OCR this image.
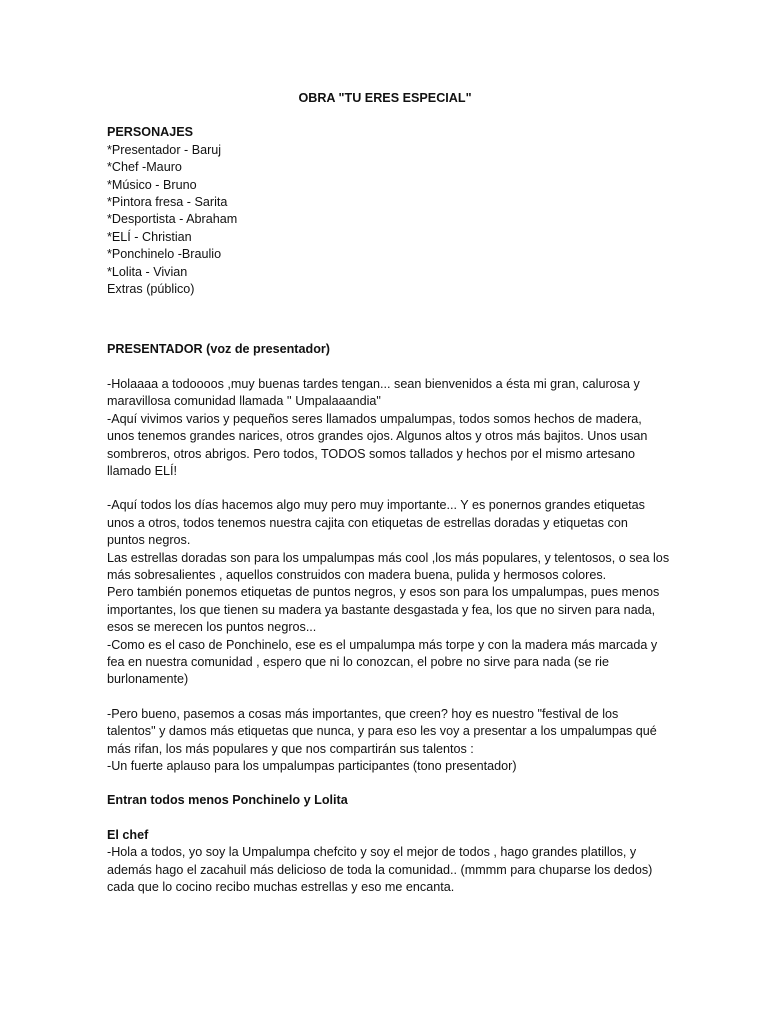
OBRA "TU ERES ESPECIAL"

PERSONAJES

*Presentador - Baruj

*Chef -Mauro

*Músico - Bruno

*Pintora fresa - Sarita

*Desportista - Abraham

*ELÍ - Christian

*Ponchinelo -Braulio

*Lolita - Vivian

Extras (público)

PRESENTADOR (voz de presentador)

-Holaaaa a todoooos ,muy buenas tardes tengan... sean bienvenidos a ésta mi gran, calurosa y

maravillosa comunidad llamada '' Umpalaaandia"

-Aquí vivimos varios y pequeños seres llamados umpalumpas, todos somos hechos de madera,

unos tenemos grandes narices, otros grandes ojos. Algunos altos y otros más bajitos. Unos usan

sombreros, otros abrigos. Pero todos, TODOS somos tallados y hechos por el mismo artesano

llamado ELÍ!

-Aquí todos los días hacemos algo muy pero muy importante... Y es ponernos grandes etiquetas

unos a otros, todos tenemos nuestra cajita con etiquetas de estrellas doradas y etiquetas con

puntos negros.

Las estrellas doradas son para los umpalumpas más cool ,los más populares, y telentosos, o sea los

más sobresalientes , aquellos construidos con madera buena, pulida y hermosos colores.

Pero también ponemos etiquetas de puntos negros, y esos son para los umpalumpas, pues menos

importantes, los que tienen su madera ya bastante desgastada y fea, los que no sirven para nada,

esos se merecen los puntos negros...

-Como es el caso de Ponchinelo, ese es el umpalumpa más torpe y con la madera más marcada y

fea en nuestra comunidad , espero que ni lo conozcan, el pobre no sirve para nada (se rie

burlonamente)

-Pero bueno, pasemos a cosas más importantes, que creen? hoy es nuestro "festival de los

talentos" y damos más etiquetas que nunca, y para eso les voy a presentar a los umpalumpas qué

más rifan, los más populares y que nos compartirán sus talentos :

-Un fuerte aplauso para los umpalumpas participantes (tono presentador)

Entran todos menos Ponchinelo y Lolita

El chef

-Hola a todos, yo soy la Umpalumpa chefcito y soy el mejor de todos , hago grandes platillos, y

además hago el zacahuil más delicioso de toda la comunidad.. (mmmm para chuparse los dedos)

cada que lo cocino recibo muchas estrellas y eso me encanta.
